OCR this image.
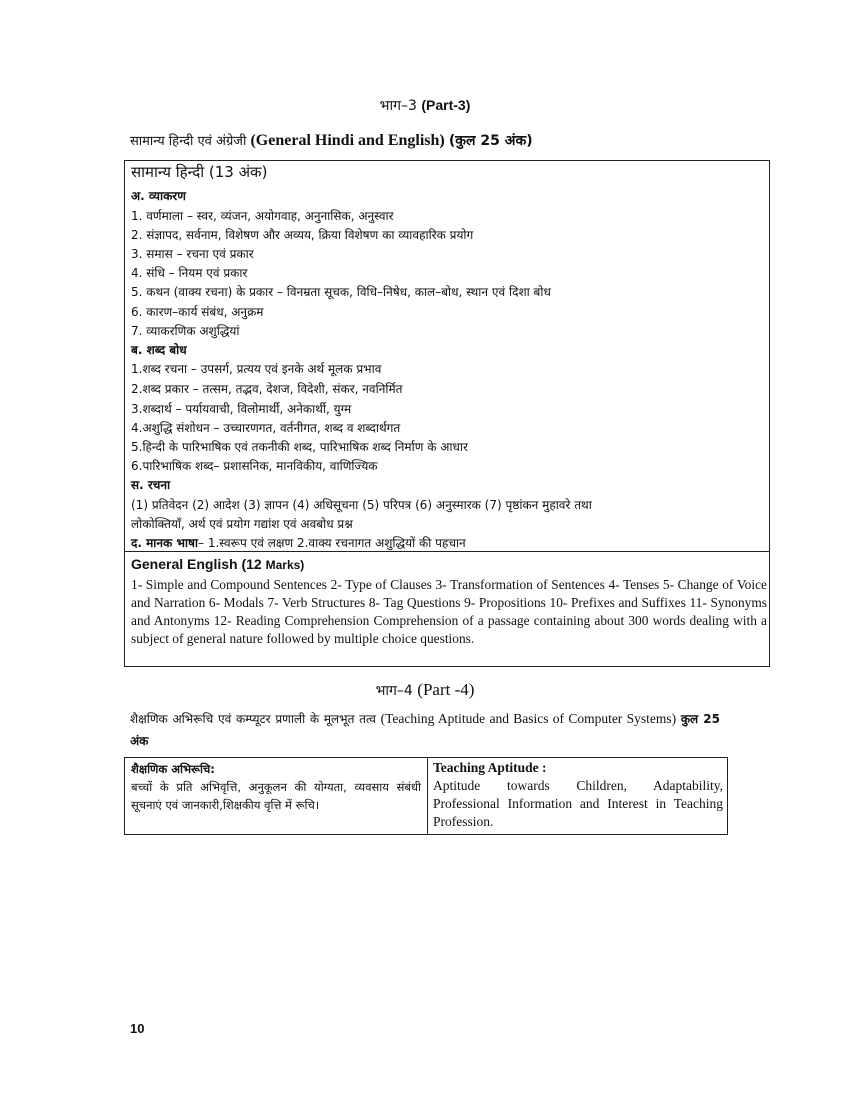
भाग–3 (Part-3)
सामान्य हिन्दी एवं अंग्रेजी (General Hindi and English) (कुल 25 अंक)
सामान्य हिन्दी (13 अंक)
अ. व्याकरण
1. वर्णमाला – स्वर, व्यंजन, अयोगवाह, अनुनासिक, अनुस्वार
2. संज्ञापद, सर्वनाम, विशेषण और अव्यय, क्रिया विशेषण का व्यावहारिक प्रयोग
3. समास – रचना एवं प्रकार
4. संधि – नियम एवं प्रकार
5. कथन (वाक्य रचना) के प्रकार – विनम्रता सूचक, विधि–निषेध, काल–बोध, स्थान एवं दिशा बोध
6. कारण–कार्य संबंध, अनुक्रम
7. व्याकरणिक अशुद्धियां
ब. शब्द बोध
1.शब्द रचना – उपसर्ग, प्रत्यय एवं इनके अर्थ मूलक प्रभाव
2.शब्द प्रकार – तत्सम, तद्भव, देशज, विदेशी, संकर, नवनिर्मित
3.शब्दार्थ – पर्यायवाची, विलोमार्थी, अनेकार्थी, युग्म
4.अशुद्धि संशोधन – उच्चारणगत, वर्तनीगत, शब्द व शब्दार्थगत
5.हिन्दी के पारिभाषिक एवं तकनीकी शब्द, पारिभाषिक शब्द निर्माण के आधार
6.पारिभाषिक शब्द– प्रशासनिक, मानविकीय, वाणिज्यिक
स. रचना
(1) प्रतिवेदन (2) आदेश (3) ज्ञापन (4) अधिसूचना (5) परिपत्र (6) अनुस्मारक (7) पृष्ठांकन मुहावरे तथा
लोकोक्तियाँ, अर्थ एवं प्रयोग गद्यांश एवं अवबोध प्रश्न
द. मानक भाषा– 1.स्वरूप एवं लक्षण 2.वाक्य रचनागत अशुद्धियों की पहचान
General English (12 Marks)
1- Simple and Compound Sentences 2- Type of Clauses 3- Transformation of Sentences 4- Tenses 5- Change of Voice and Narration 6- Modals 7- Verb Structures 8- Tag Questions 9- Propositions 10- Prefixes and Suffixes 11- Synonyms and Antonyms 12- Reading Comprehension Comprehension of a passage containing about 300 words dealing with a subject of general nature followed by multiple choice questions.
भाग–4 (Part -4)
शैक्षणिक अभिरूचि एवं कम्प्यूटर प्रणाली के मूलभूत तत्व (Teaching Aptitude and Basics of Computer Systems) कुल 25 अंक
शैक्षणिक अभिरूचि:
बच्चों के प्रति अभिवृत्ति, अनुकूलन की योग्यता, व्यवसाय संबंधी सूचनाएं एवं जानकारी,शिक्षकीय वृत्ति में रूचि।
Teaching Aptitude :
Aptitude towards Children, Adaptability, Professional Information and Interest in Teaching Profession.
10
